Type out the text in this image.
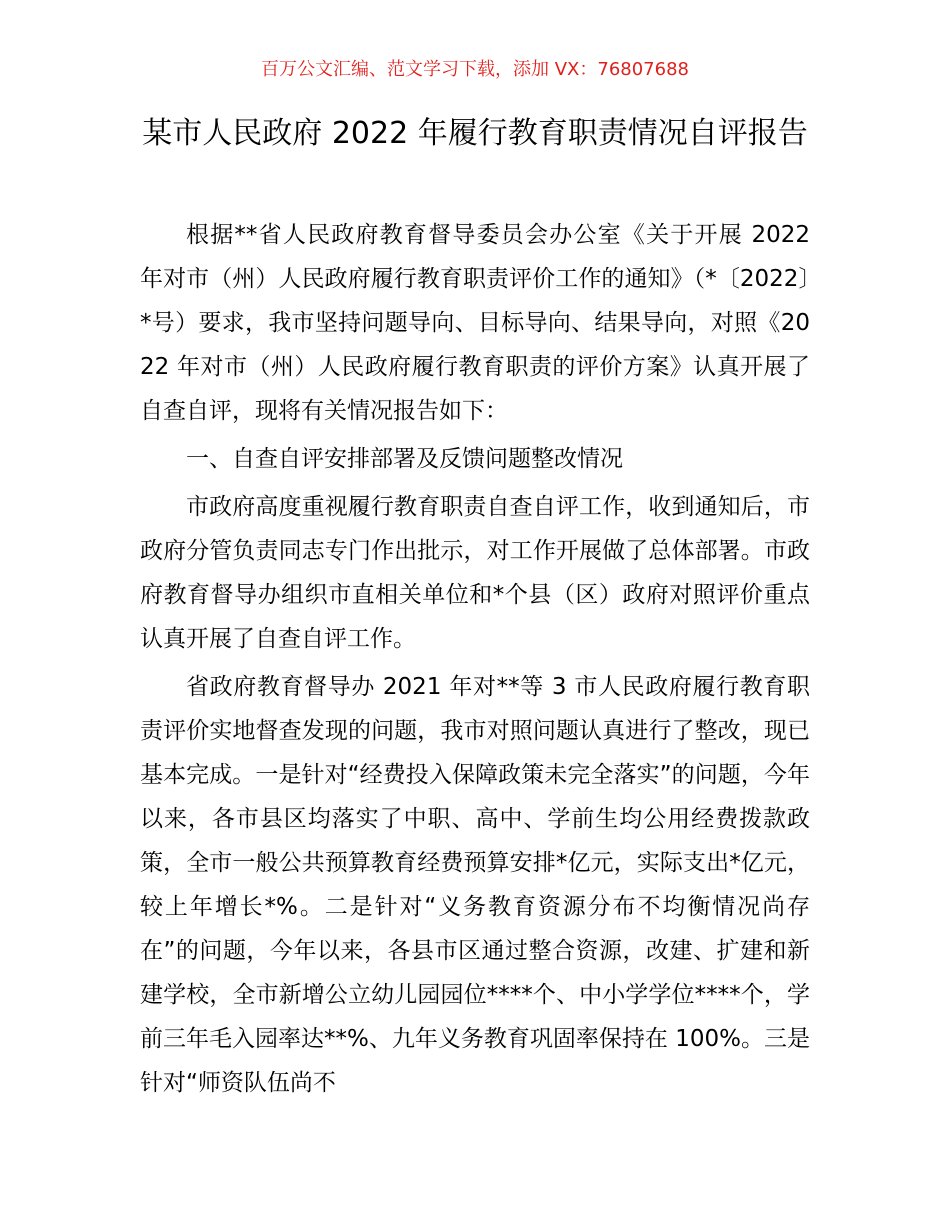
百万公文汇编、范文学习下载，添加 VX：76807688
某市人民政府 2022 年履行教育职责情况自评报告

根据**省人民政府教育督导委员会办公室《关于开展 2022 年对市（州）人民政府履行教育职责评价工作的通知》（*〔2022〕*号）要求，我市坚持问题导向、目标导向、结果导向，对照《2022 年对市（州）人民政府履行教育职责的评价方案》认真开展了自查自评，现将有关情况报告如下：

一、自查自评安排部署及反馈问题整改情况

市政府高度重视履行教育职责自查自评工作，收到通知后，市政府分管负责同志专门作出批示，对工作开展做了总体部署。市政府教育督导办组织市直相关单位和*个县（区）政府对照评价重点认真开展了自查自评工作。

省政府教育督导办 2021 年对**等 3 市人民政府履行教育职责评价实地督查发现的问题，我市对照问题认真进行了整改，现已基本完成。一是针对“经费投入保障政策未完全落实”的问题，今年以来，各市县区均落实了中职、高中、学前生均公用经费拨款政策，全市一般公共预算教育经费预算安排*亿元，实际支出*亿元，较上年增长*%。二是针对“义务教育资源分布不均衡情况尚存在”的问题，今年以来，各县市区通过整合资源，改建、扩建和新建学校，全市新增公立幼儿园园位****个、中小学学位****个，学前三年毛入园率达**%、九年义务教育巩固率保持在 100%。三是针对“师资队伍尚不
